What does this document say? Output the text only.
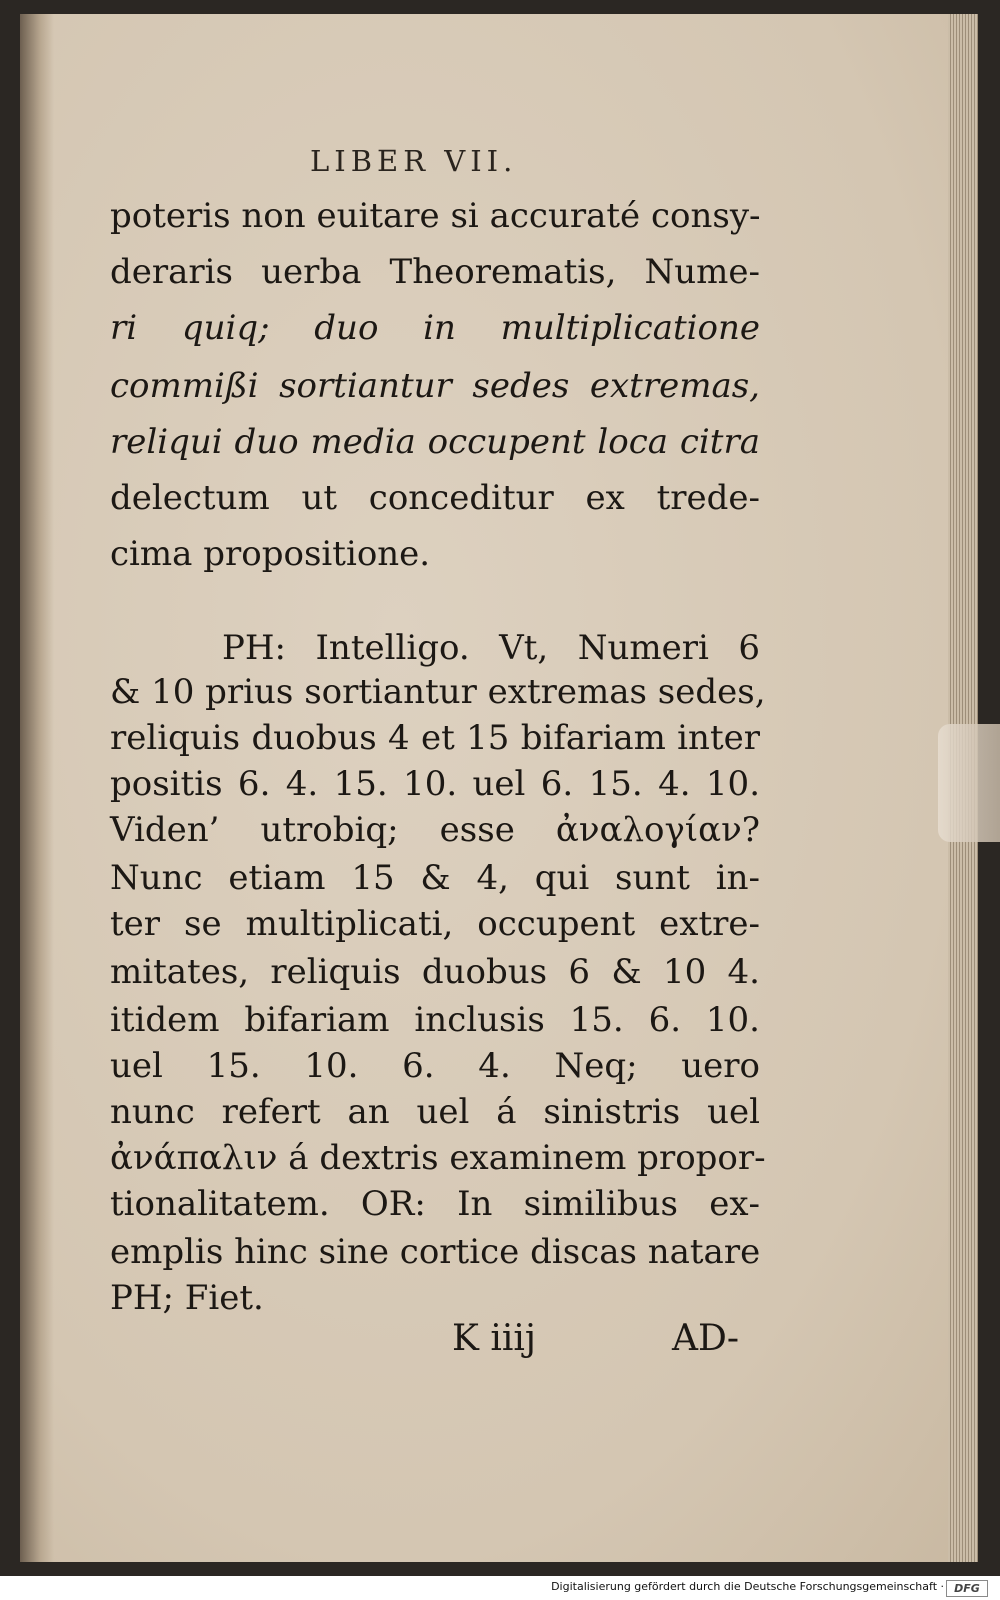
LIBER VII.
poteris non euitare si accuraté consy‑
deraris uerba Theorematis, Nume‑
ri quiq; duo in multiplicatione
commißi sortiantur sedes extremas,
reliqui duo media occupent loca citra
delectum ut conceditur ex trede‑
cima propositione.
PH: Intelligo. Vt, Numeri 6
& 10 prius sortiantur extremas sedes,
reliquis duobus 4 et 15 bifariam inter
positis 6. 4. 15. 10. uel 6. 15. 4. 10.
Viden’ utrobiq; esse ἀναλογίαν?
Nunc etiam 15 & 4, qui sunt in‑
ter se multiplicati, occupent extre‑
mitates, reliquis duobus 6 & 10 4.
itidem bifariam inclusis 15. 6. 10.
uel 15. 10. 6. 4. Neq; uero
nunc refert an uel á sinistris uel
ἀνάπαλιν á dextris examinem propor‑
tionalitatem. OR: In similibus ex‑
emplis hinc sine cortice discas natare
PH; Fiet.
K iiij	AD‑
Digitalisierung gefördert durch die Deutsche Forschungsgemeinschaft · DFG
